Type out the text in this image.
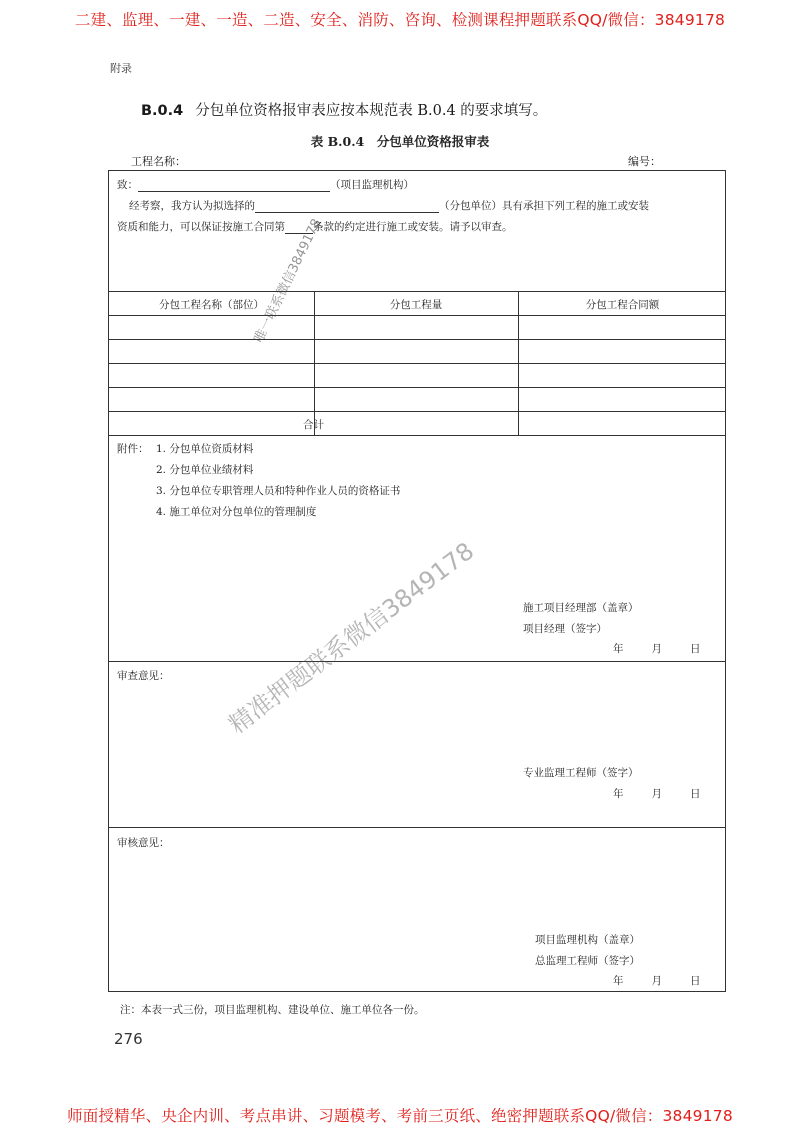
二建、监理、一建、一造、二造、安全、消防、咨询、检测课程押题联系QQ/微信：3849178
附录
B.0.4 分包单位资格报审表应按本规范表 B.0.4 的要求填写。
表 B.0.4　分包单位资格报审表
工程名称：	编号：
致：	（项目监理机构）
经考察，我方认为拟选择的	（分包单位）具有承担下列工程的施工或安装
资质和能力，可以保证按施工合同第	条款的约定进行施工或安装。请予以审查。
分包工程名称（部位）	分包工程量	分包工程合同额
合计
附件： 1. 分包单位资质材料
2. 分包单位业绩材料
3. 分包单位专职管理人员和特种作业人员的资格证书
4. 施工单位对分包单位的管理制度
施工项目经理部（盖章）
项目经理（签字）
年	月	日
审查意见：
专业监理工程师（签字）
年	月	日
审核意见：
项目监理机构（盖章）
总监理工程师（签字）
年	月	日
注：本表一式三份，项目监理机构、建设单位、施工单位各一份。
276
唯一联系微信3849178
精准押题联系微信3849178
师面授精华、央企内训、考点串讲、习题模考、考前三页纸、绝密押题联系QQ/微信：3849178
